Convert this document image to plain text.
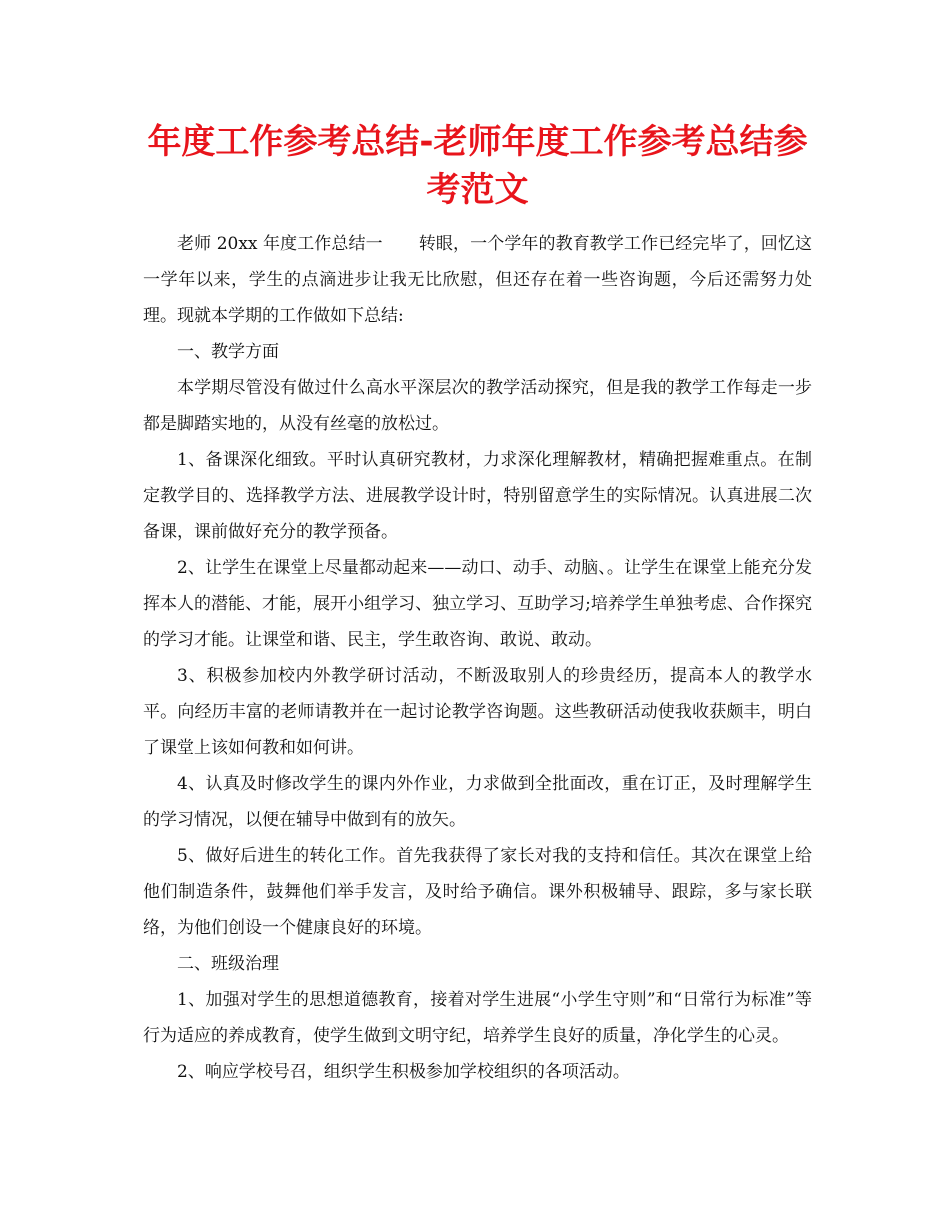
年度工作参考总结-老师年度工作参考总结参考范文

老师 20xx 年度工作总结一 转眼，一个学年的教育教学工作已经完毕了，回忆这一学年以来，学生的点滴进步让我无比欣慰，但还存在着一些咨询题，今后还需努力处理。现就本学期的工作做如下总结:

一、教学方面

本学期尽管没有做过什么高水平深层次的教学活动探究，但是我的教学工作每走一步都是脚踏实地的，从没有丝毫的放松过。

1、备课深化细致。平时认真研究教材，力求深化理解教材，精确把握难重点。在制定教学目的、选择教学方法、进展教学设计时，特别留意学生的实际情况。认真进展二次备课，课前做好充分的教学预备。

2、让学生在课堂上尽量都动起来——动口、动手、动脑、。让学生在课堂上能充分发挥本人的潜能、才能，展开小组学习、独立学习、互助学习;培养学生单独考虑、合作探究的学习才能。让课堂和谐、民主，学生敢咨询、敢说、敢动。

3、积极参加校内外教学研讨活动，不断汲取别人的珍贵经历，提高本人的教学水平。向经历丰富的老师请教并在一起讨论教学咨询题。这些教研活动使我收获颇丰，明白了课堂上该如何教和如何讲。

4、认真及时修改学生的课内外作业，力求做到全批面改，重在订正，及时理解学生的学习情况，以便在辅导中做到有的放矢。

5、做好后进生的转化工作。首先我获得了家长对我的支持和信任。其次在课堂上给他们制造条件，鼓舞他们举手发言，及时给予确信。课外积极辅导、跟踪，多与家长联络，为他们创设一个健康良好的环境。

二、班级治理

1、加强对学生的思想道德教育，接着对学生进展“小学生守则”和“日常行为标准”等行为适应的养成教育，使学生做到文明守纪，培养学生良好的质量，净化学生的心灵。

2、响应学校号召，组织学生积极参加学校组织的各项活动。
